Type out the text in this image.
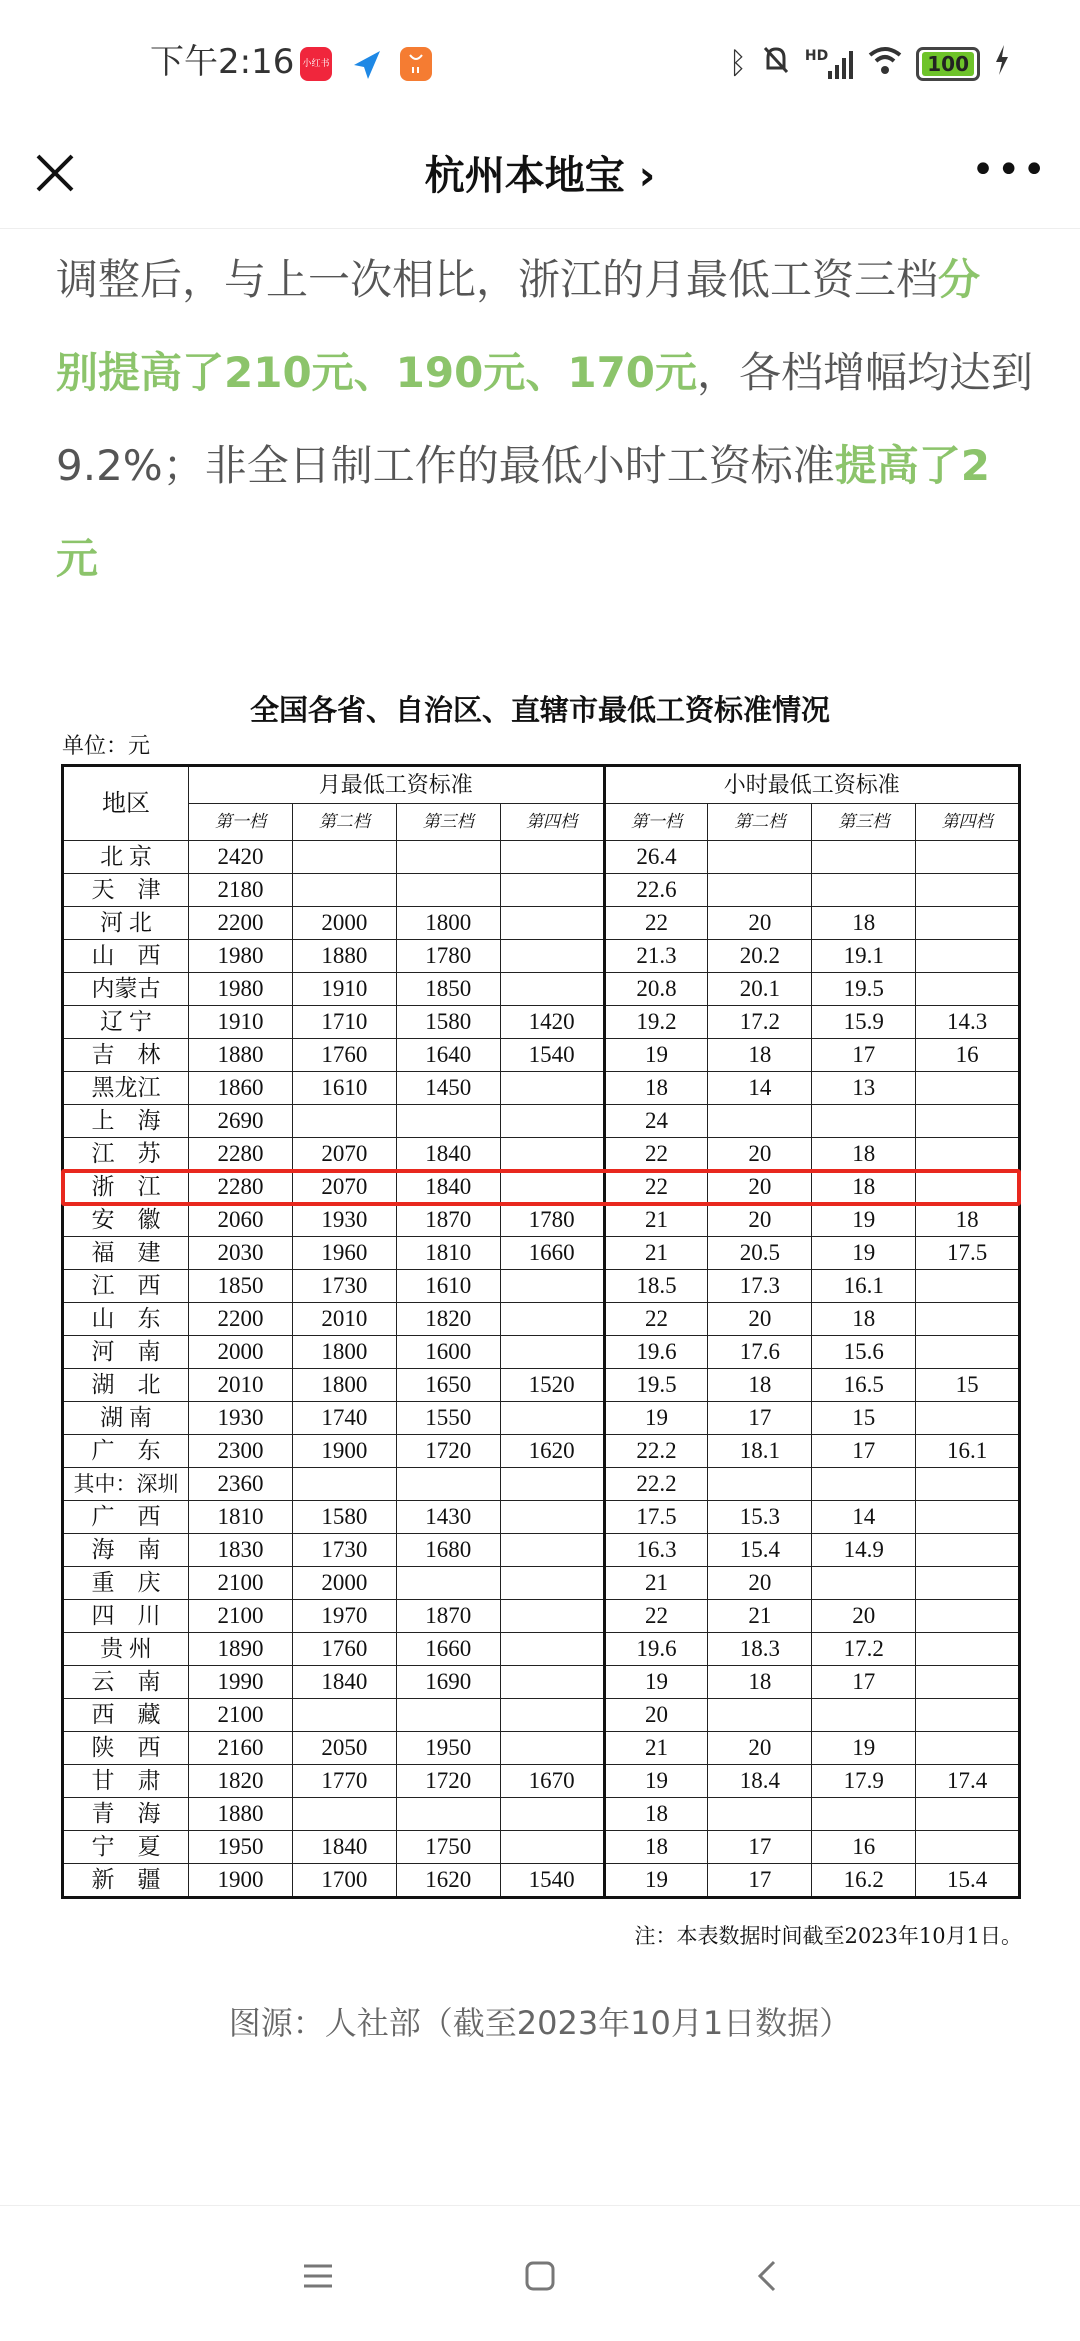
下午2:16 小红书	ᛒ	HD	100
杭州本地宝 ›	•••
调整后，与上一次相比，浙江的月最低工资三档分
别提高了210元、190元、170元，各档增幅均达到
9.2%；非全日制工作的最低小时工资标准提高了2
元
全国各省、自治区、直辖市最低工资标准情况
单位：元
地区	月最低工资标准				小时最低工资标准			
	第一档	第二档	第三档	第四档	第一档	第二档	第三档	第四档
北 京	2420				26.4			
天　津	2180				22.6			
河 北	2200	2000	1800		22	20	18	
山　西	1980	1880	1780		21.3	20.2	19.1	
内蒙古	1980	1910	1850		20.8	20.1	19.5	
辽 宁	1910	1710	1580	1420	19.2	17.2	15.9	14.3
吉　林	1880	1760	1640	1540	19	18	17	16
黑龙江	1860	1610	1450		18	14	13	
上　海	2690				24			
江　苏	2280	2070	1840		22	20	18	
浙　江	2280	2070	1840		22	20	18	
安　徽	2060	1930	1870	1780	21	20	19	18
福　建	2030	1960	1810	1660	21	20.5	19	17.5
江　西	1850	1730	1610		18.5	17.3	16.1	
山　东	2200	2010	1820		22	20	18	
河　南	2000	1800	1600		19.6	17.6	15.6	
湖　北	2010	1800	1650	1520	19.5	18	16.5	15
湖 南	1930	1740	1550		19	17	15	
广　东	2300	1900	1720	1620	22.2	18.1	17	16.1
其中：深圳	2360				22.2			
广　西	1810	1580	1430		17.5	15.3	14	
海　南	1830	1730	1680		16.3	15.4	14.9	
重　庆	2100	2000			21	20		
四　川	2100	1970	1870		22	21	20	
贵 州	1890	1760	1660		19.6	18.3	17.2	
云　南	1990	1840	1690		19	18	17	
西　藏	2100				20			
陕　西	2160	2050	1950		21	20	19	
甘　肃	1820	1770	1720	1670	19	18.4	17.9	17.4
青　海	1880				18			
宁　夏	1950	1840	1750		18	17	16	
新　疆	1900	1700	1620	1540	19	17	16.2	15.4
注：本表数据时间截至2023年10月1日。
图源：人社部（截至2023年10月1日数据）
